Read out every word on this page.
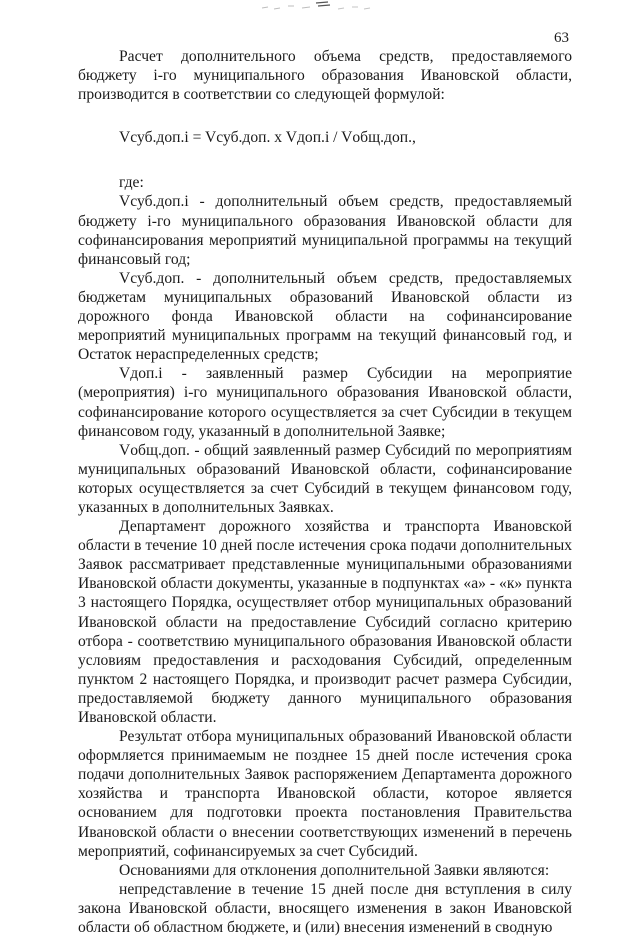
63

Расчет дополнительного объема средств, предоставляемого бюджету i-го муниципального образования Ивановской области, производится в соответствии со следующей формулой:

Vсуб.доп.i = Vсуб.доп. x Vдоп.i / Vобщ.доп.,

где:

Vсуб.доп.i - дополнительный объем средств, предоставляемый бюджету i-го муниципального образования Ивановской области для софинансирования мероприятий муниципальной программы на текущий финансовый год;

Vсуб.доп. - дополнительный объем средств, предоставляемых бюджетам муниципальных образований Ивановской области из дорожного фонда Ивановской области на софинансирование мероприятий муниципальных программ на текущий финансовый год, и Остаток нераспределенных средств;

Vдоп.i - заявленный размер Субсидии на мероприятие (мероприятия) i-го муниципального образования Ивановской области, софинансирование которого осуществляется за счет Субсидии в текущем финансовом году, указанный в дополнительной Заявке;

Vобщ.доп. - общий заявленный размер Субсидий по мероприятиям муниципальных образований Ивановской области, софинансирование которых осуществляется за счет Субсидий в текущем финансовом году, указанных в дополнительных Заявках.

Департамент дорожного хозяйства и транспорта Ивановской области в течение 10 дней после истечения срока подачи дополнительных Заявок рассматривает представленные муниципальными образованиями Ивановской области документы, указанные в подпунктах «а» - «к» пункта 3 настоящего Порядка, осуществляет отбор муниципальных образований Ивановской области на предоставление Субсидий согласно критерию отбора - соответствию муниципального образования Ивановской области условиям предоставления и расходования Субсидий, определенным пунктом 2 настоящего Порядка, и производит расчет размера Субсидии, предоставляемой бюджету данного муниципального образования Ивановской области.

Результат отбора муниципальных образований Ивановской области оформляется принимаемым не позднее 15 дней после истечения срока подачи дополнительных Заявок распоряжением Департамента дорожного хозяйства и транспорта Ивановской области, которое является основанием для подготовки проекта постановления Правительства Ивановской области о внесении соответствующих изменений в перечень мероприятий, софинансируемых за счет Субсидий.

Основаниями для отклонения дополнительной Заявки являются:

непредставление в течение 15 дней после дня вступления в силу закона Ивановской области, вносящего изменения в закон Ивановской области об областном бюджете, и (или) внесения изменений в сводную
